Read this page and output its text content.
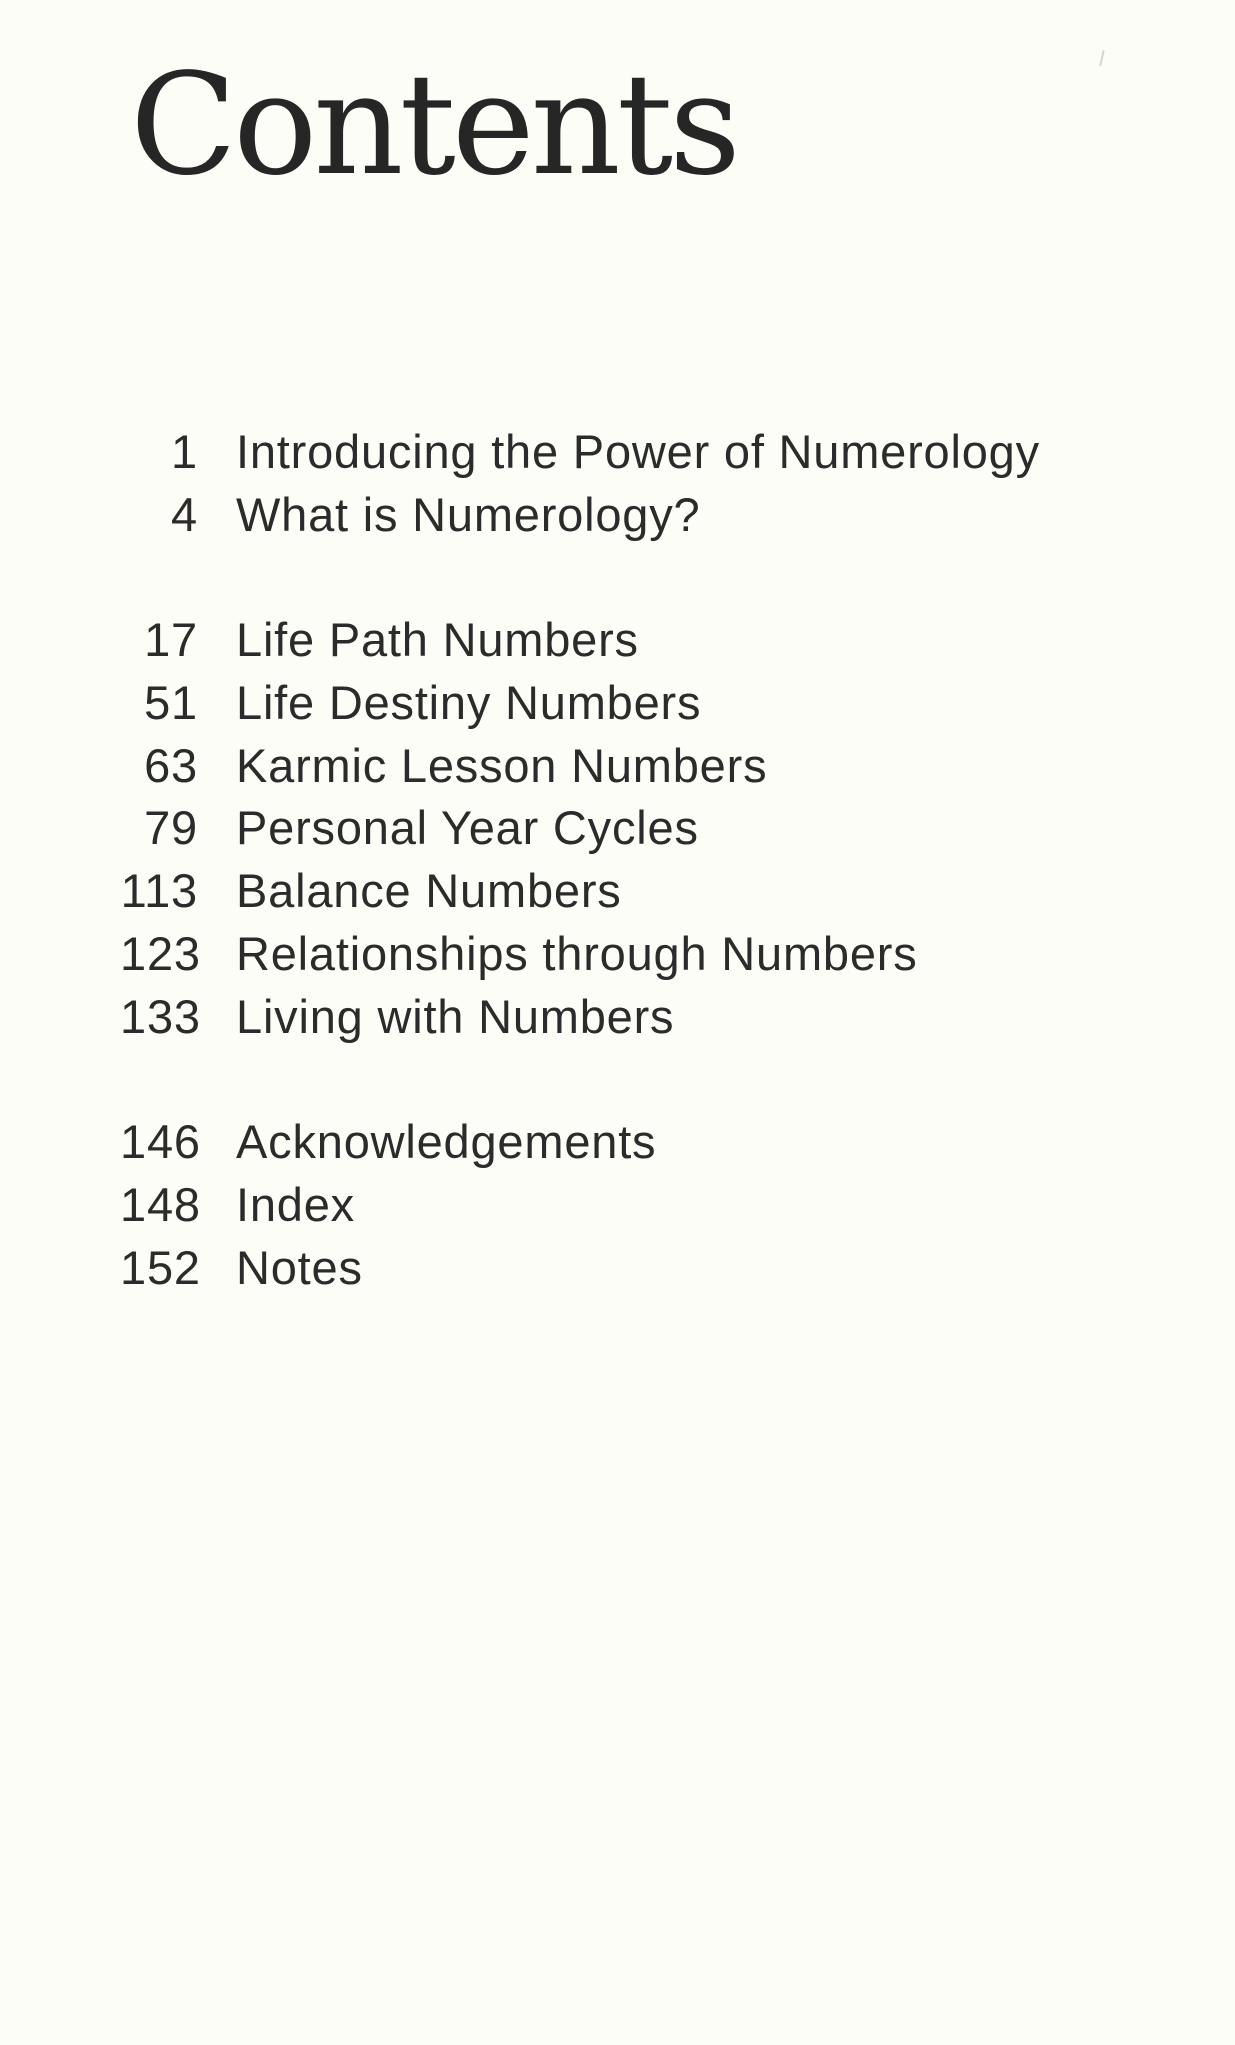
Contents
1 Introducing the Power of Numerology
4 What is Numerology?
17 Life Path Numbers
51 Life Destiny Numbers
63 Karmic Lesson Numbers
79 Personal Year Cycles
113 Balance Numbers
123 Relationships through Numbers
133 Living with Numbers
146 Acknowledgements
148 Index
152 Notes
